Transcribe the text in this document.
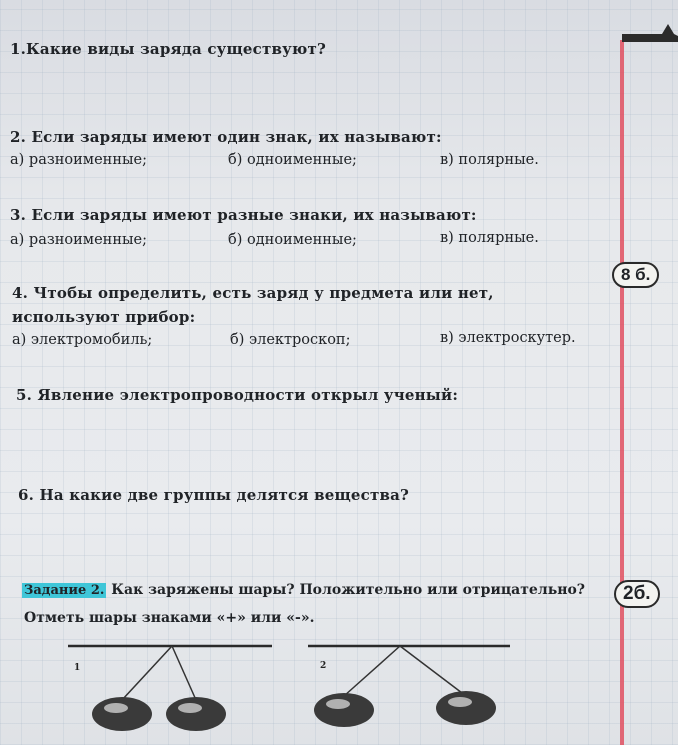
1.Какие виды заряда существуют?
2. Если заряды имеют один знак, их называют:
а) разноименные;	б) одноименные;	в) полярные.
3. Если заряды имеют разные знаки, их называют:
а) разноименные;	б) одноименные;	в) полярные.
8 б.
4. Чтобы определить, есть заряд у предмета или нет,
используют прибор:
а) электромобиль;	б) электроскоп;	в) электроскутер.
5. Явление электропроводности открыл ученый:
6. На какие две группы делятся вещества?
Задание 2. Как заряжены шары? Положительно или отрицательно?
Отметь шары знаками «+» или «-».
2б.
1	2
